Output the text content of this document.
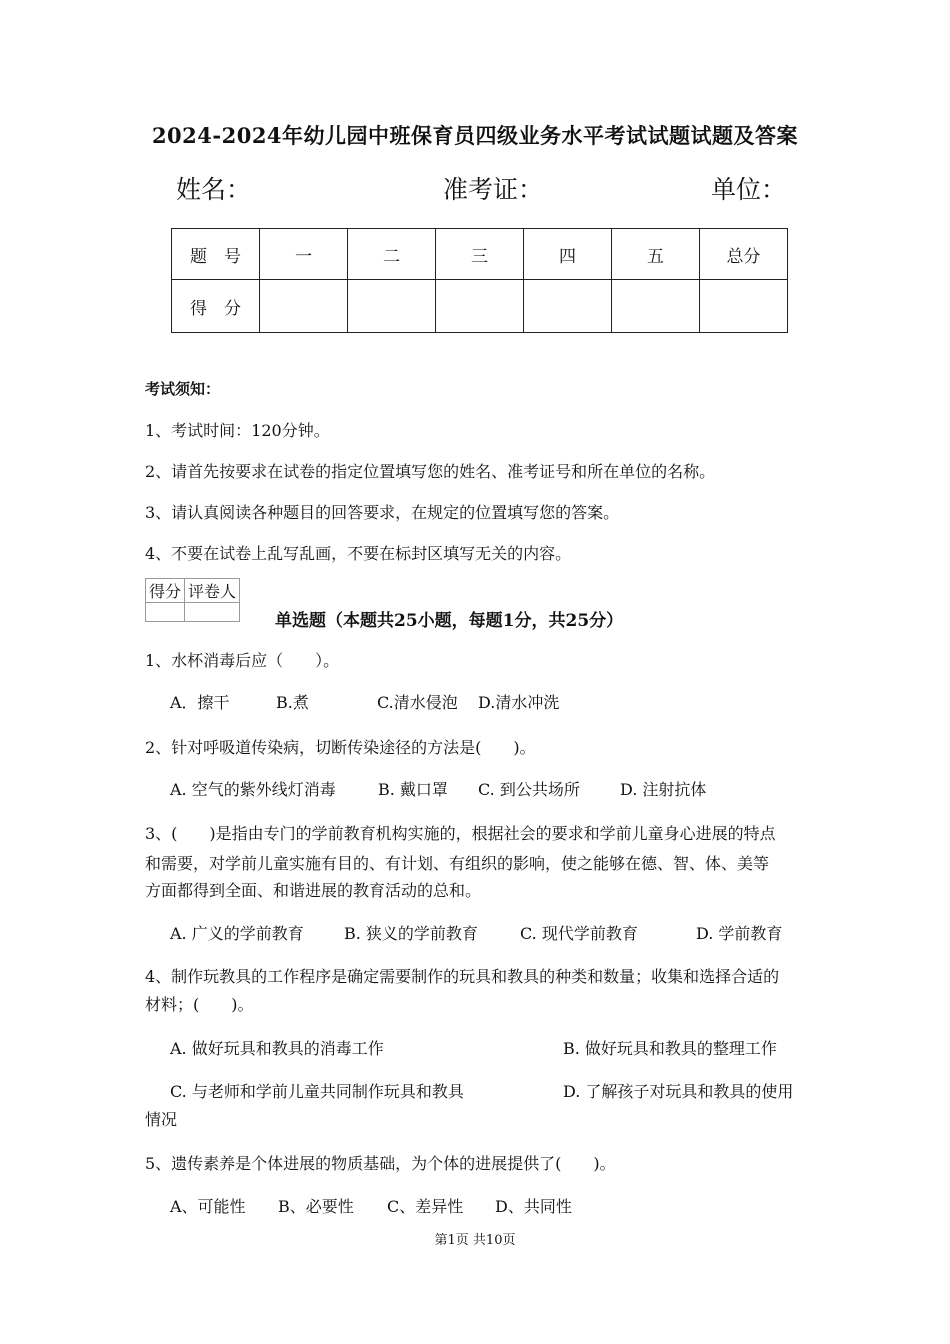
2024-2024年幼儿园中班保育员四级业务水平考试试题试题及答案
姓名：	准考证：	单位：
题　号	一	二	三	四	五	总分
得　分						
考试须知：
1、考试时间：120分钟。
2、请首先按要求在试卷的指定位置填写您的姓名、准考证号和所在单位的名称。
3、请认真阅读各种题目的回答要求，在规定的位置填写您的答案。
4、不要在试卷上乱写乱画，不要在标封区填写无关的内容。
得分	评卷人

单选题（本题共25小题，每题1分，共25分）
1、水杯消毒后应（　　）。
A．擦干	B.煮	C.清水侵泡 D.清水冲洗
2、针对呼吸道传染病，切断传染途径的方法是(　　)。
A. 空气的紫外线灯消毒	B. 戴口罩 C. 到公共场所	D. 注射抗体
3、(　　)是指由专门的学前教育机构实施的，根据社会的要求和学前儿童身心进展的特点
和需要，对学前儿童实施有目的、有计划、有组织的影响，使之能够在德、智、体、美等
方面都得到全面、和谐进展的教育活动的总和。
A. 广义的学前教育	B. 狭义的学前教育	C. 现代学前教育	D. 学前教育
4、制作玩教具的工作程序是确定需要制作的玩具和教具的种类和数量；收集和选择合适的
材料；(　　)。
A. 做好玩具和教具的消毒工作	B. 做好玩具和教具的整理工作
C. 与老师和学前儿童共同制作玩具和教具	D. 了解孩子对玩具和教具的使用
情况
5、遗传素养是个体进展的物质基础，为个体的进展提供了(　　)。
A、可能性 B、必要性 C、差异性 D、共同性
第1页 共10页
